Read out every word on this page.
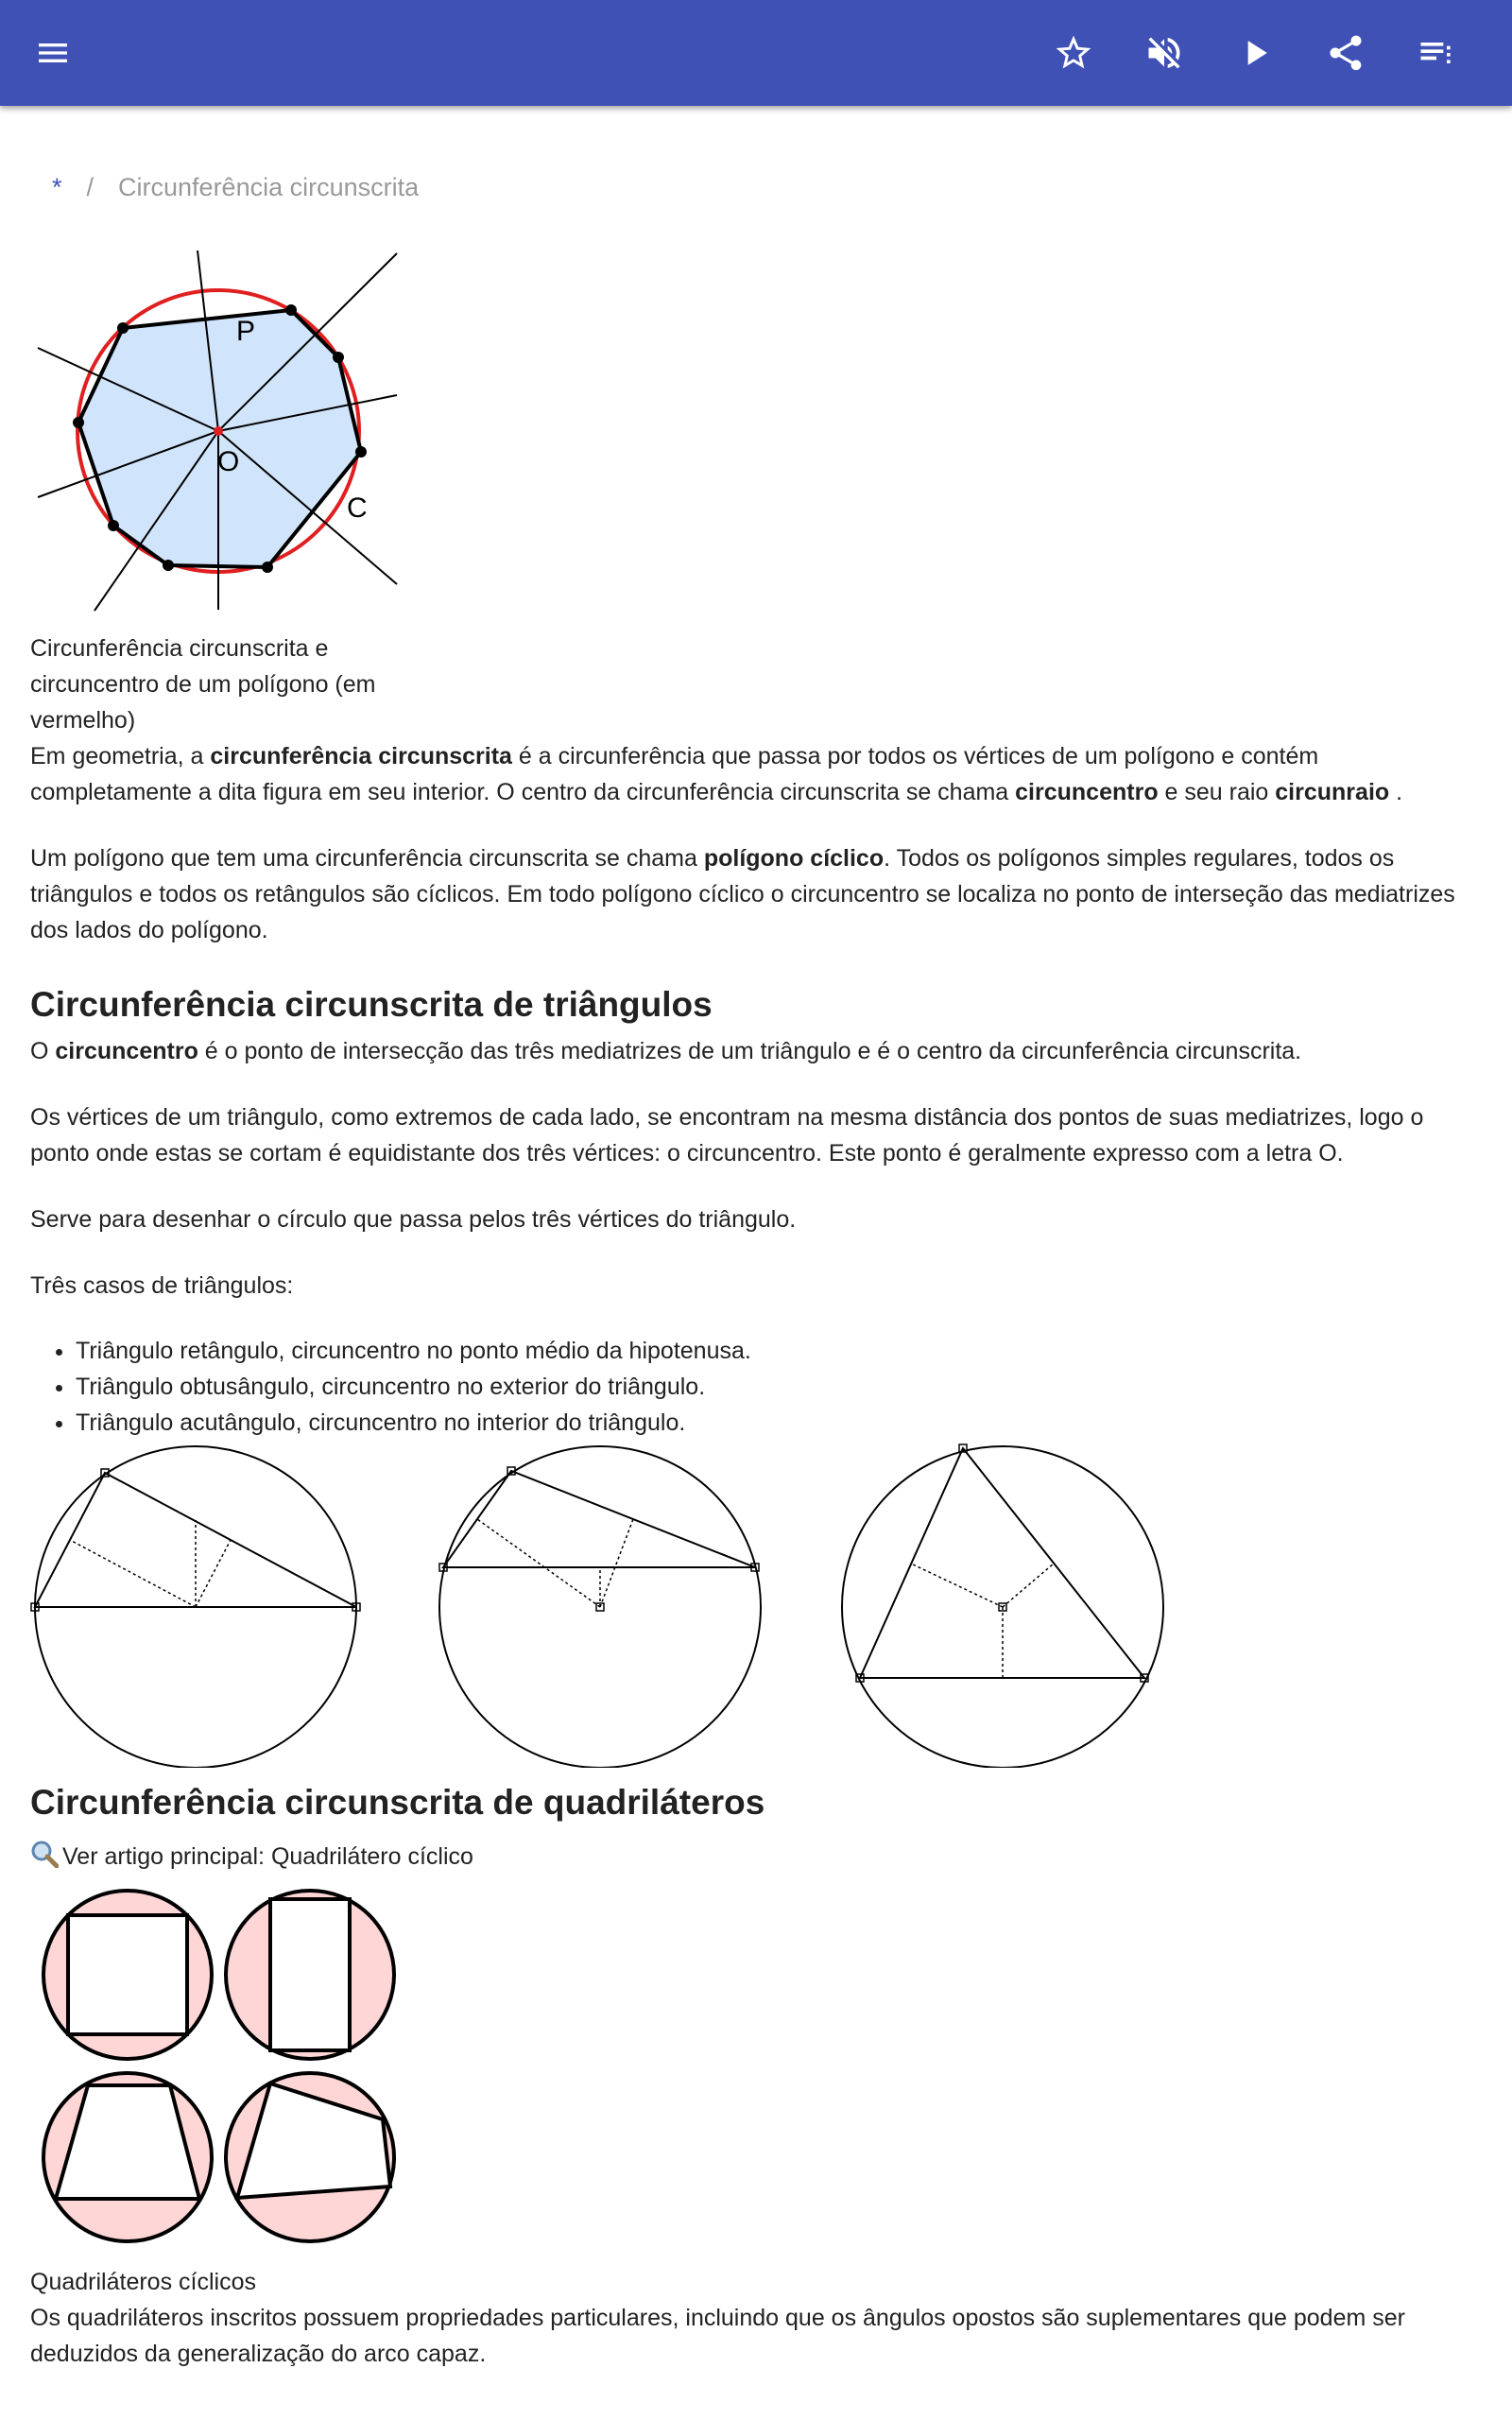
* / Circunferência circunscrita
P
O
C

Circunferência circunscrita e circuncentro de um polígono (em vermelho)

Em geometria, a circunferência circunscrita é a circunferência que passa por todos os vértices de um polígono e contém completamente a dita figura em seu interior. O centro da circunferência circunscrita se chama circuncentro e seu raio circunraio .

Um polígono que tem uma circunferência circunscrita se chama polígono cíclico. Todos os polígonos simples regulares, todos os triângulos e todos os retângulos são cíclicos. Em todo polígono cíclico o circuncentro se localiza no ponto de interseção das mediatrizes dos lados do polígono.

Circunferência circunscrita de triângulos

O circuncentro é o ponto de intersecção das três mediatrizes de um triângulo e é o centro da circunferência circunscrita.

Os vértices de um triângulo, como extremos de cada lado, se encontram na mesma distância dos pontos de suas mediatrizes, logo o ponto onde estas se cortam é equidistante dos três vértices: o circuncentro. Este ponto é geralmente expresso com a letra O.

Serve para desenhar o círculo que passa pelos três vértices do triângulo.

Três casos de triângulos:

• Triângulo retângulo, circuncentro no ponto médio da hipotenusa.
• Triângulo obtusângulo, circuncentro no exterior do triângulo.
• Triângulo acutângulo, circuncentro no interior do triângulo.
Circunferência circunscrita de quadriláteros

Ver artigo principal: Quadrilátero cíclico

Quadriláteros cíclicos

Os quadriláteros inscritos possuem propriedades particulares, incluindo que os ângulos opostos são suplementares que podem ser deduzidos da generalização do arco capaz.
